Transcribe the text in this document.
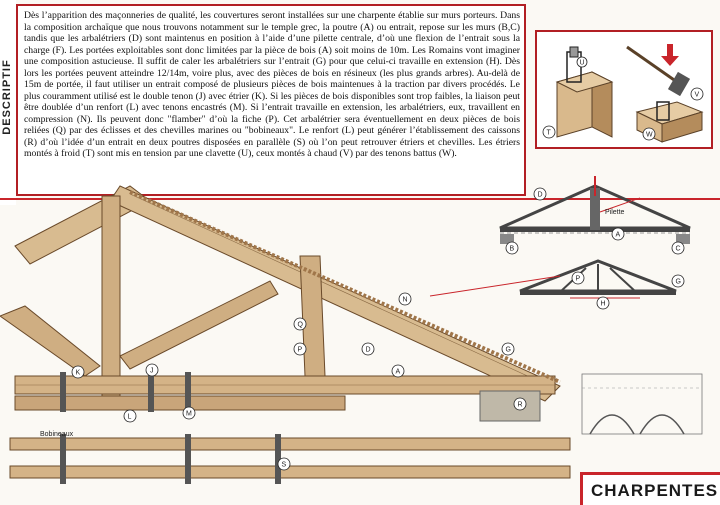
DESCRIPTIF

Dès l’apparition des maçonneries de qualité, les couvertures seront installées sur une charpente établie sur murs porteurs. Dans la composition archaïque que nous trouvons notamment sur le temple grec, la poutre (A) ou entrait, repose sur les murs (B,C) tandis que les arbalétriers (D) sont maintenus en position à l’aide d’une pilette centrale, d’où une flexion de l’entrait sous la charge (F). Les portées exploitables sont donc limitées par la pièce de bois (A) soit moins de 10m. Les Romains vont imaginer une composition astucieuse. Il suffit de caler les arbalétriers sur l’entrait (G) pour que celui-ci travaille en extension (H). Dès lors les portées peuvent atteindre 12/14m, voire plus, avec des pièces de bois en résineux (les plus grands arbres). Au-delà de 15m de portée, il faut utiliser un entrait composé de plusieurs pièces de bois maintenues à la traction par divers procédés. Le plus couramment utilisé est le double tenon (J) avec étrier (K). Si les pièces de bois disponibles sont trop faibles, la liaison peut être doublée d’un renfort (L) avec tenons encastrés (M). Si l’entrait travaille en extension, les arbalétriers, eux, travaillent en compression (N). Ils peuvent donc "flamber" d’où la fiche (P). Cet arbalétrier sera éventuellement en deux pièces de bois reliées (Q) par des éclisses et des chevilles marines ou "bobineaux". Le renfort (L) peut générer l’établissement des caissons (R) d’où l’idée d’un entrait en deux poutres disposées en parallèle (S) où l’on peut retrouver étriers et chevilles. Les étriers montés à froid (T) sont mis en tension par une clavette (U), ceux montés à chaud (V) par des tenons battus (W).

U
T
V
W
Pilette
D
A
B	C
P
N
G
H
Bobineaux
K	J
L	M
Q
P	D
A
R
G
S
CHARPENTES
